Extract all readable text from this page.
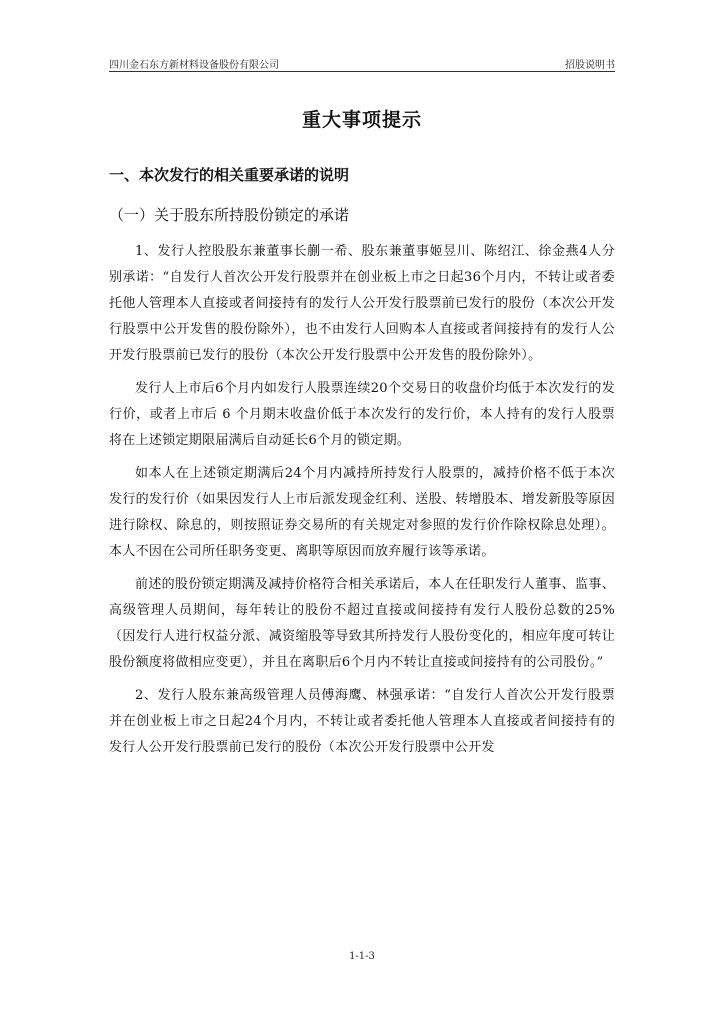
四川金石东方新材料设备股份有限公司	招股说明书
重大事项提示
一、本次发行的相关重要承诺的说明
（一）关于股东所持股份锁定的承诺

1、发行人控股股东兼董事长蒯一希、股东兼董事姬昱川、陈绍江、徐金燕4人分别承诺：“自发行人首次公开发行股票并在创业板上市之日起36个月内，不转让或者委托他人管理本人直接或者间接持有的发行人公开发行股票前已发行的股份（本次公开发行股票中公开发售的股份除外），也不由发行人回购本人直接或者间接持有的发行人公开发行股票前已发行的股份（本次公开发行股票中公开发售的股份除外）。

发行人上市后6个月内如发行人股票连续20个交易日的收盘价均低于本次发行的发行价，或者上市后 6 个月期末收盘价低于本次发行的发行价，本人持有的发行人股票将在上述锁定期限届满后自动延长6个月的锁定期。

如本人在上述锁定期满后24个月内减持所持发行人股票的，减持价格不低于本次发行的发行价（如果因发行人上市后派发现金红利、送股、转增股本、增发新股等原因进行除权、除息的，则按照证券交易所的有关规定对参照的发行价作除权除息处理）。本人不因在公司所任职务变更、离职等原因而放弃履行该等承诺。

前述的股份锁定期满及减持价格符合相关承诺后，本人在任职发行人董事、监事、高级管理人员期间，每年转让的股份不超过直接或间接持有发行人股份总数的25%（因发行人进行权益分派、减资缩股等导致其所持发行人股份变化的，相应年度可转让股份额度将做相应变更），并且在离职后6个月内不转让直接或间接持有的公司股份。”

2、发行人股东兼高级管理人员傅海鹰、林强承诺：“自发行人首次公开发行股票并在创业板上市之日起24个月内，不转让或者委托他人管理本人直接或者间接持有的发行人公开发行股票前已发行的股份（本次公开发行股票中公开发

1-1-3
